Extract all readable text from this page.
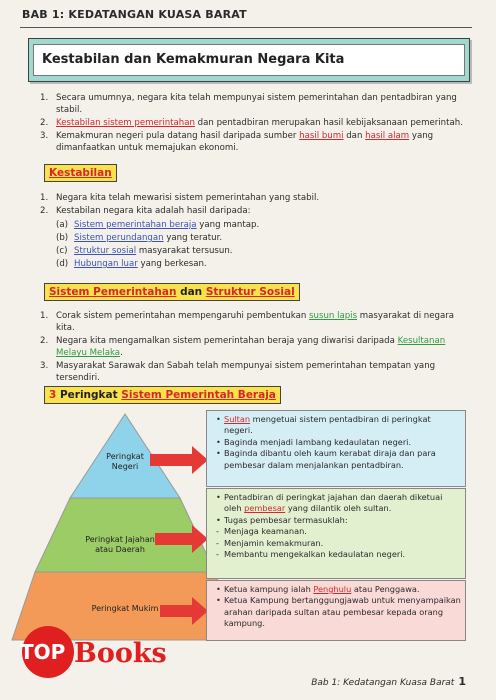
BAB 1: KEDATANGAN KUASA BARAT
Kestabilan dan Kemakmuran Negara Kita
1. Secara umumnya, negara kita telah mempunyai sistem pemerintahan dan pentadbiran yang
stabil.
2. Kestabilan sistem pemerintahan dan pentadbiran merupakan hasil kebijaksanaan pemerintah.
3. Kemakmuran negeri pula datang hasil daripada sumber hasil bumi dan hasil alam yang
dimanfaatkan untuk memajukan ekonomi.
Kestabilan
1. Negara kita telah mewarisi sistem pemerintahan yang stabil.
2. Kestabilan negara kita adalah hasil daripada:
(a) Sistem pemerintahan beraja yang mantap.
(b) Sistem perundangan yang teratur.
(c) Struktur sosial masyarakat tersusun.
(d) Hubungan luar yang berkesan.
Sistem Pemerintahan dan Struktur Sosial
1. Corak sistem pemerintahan mempengaruhi pembentukan susun lapis masyarakat di negara
kita.
2. Negara kita mengamalkan sistem pemerintahan beraja yang diwarisi daripada Kesultanan
Melayu Melaka.
3. Masyarakat Sarawak dan Sabah telah mempunyai sistem pemerintahan tempatan yang
tersendiri.
3 Peringkat Sistem Pemerintah Beraja
Peringkat
Negeri
Peringkat Jajahan
atau Daerah
Peringkat Mukim
• Sultan mengetuai sistem pentadbiran di peringkat negeri.
• Baginda menjadi lambang kedaulatan negeri.
• Baginda dibantu oleh kaum kerabat diraja dan para pembesar dalam menjalankan pentadbiran.
• Pentadbiran di peringkat jajahan dan daerah diketuai oleh pembesar yang dilantik oleh sultan.
• Tugas pembesar termasuklah:
- Menjaga keamanan.
- Menjamin kemakmuran.
- Membantu mengekalkan kedaulatan negeri.
• Ketua kampung ialah Penghulu atau Penggawa.
• Ketua Kampung bertanggungjawab untuk menyampaikan arahan daripada sultan atau pembesar kepada orang kampung.
TOP Books
Bab 1: Kedatangan Kuasa Barat 1
